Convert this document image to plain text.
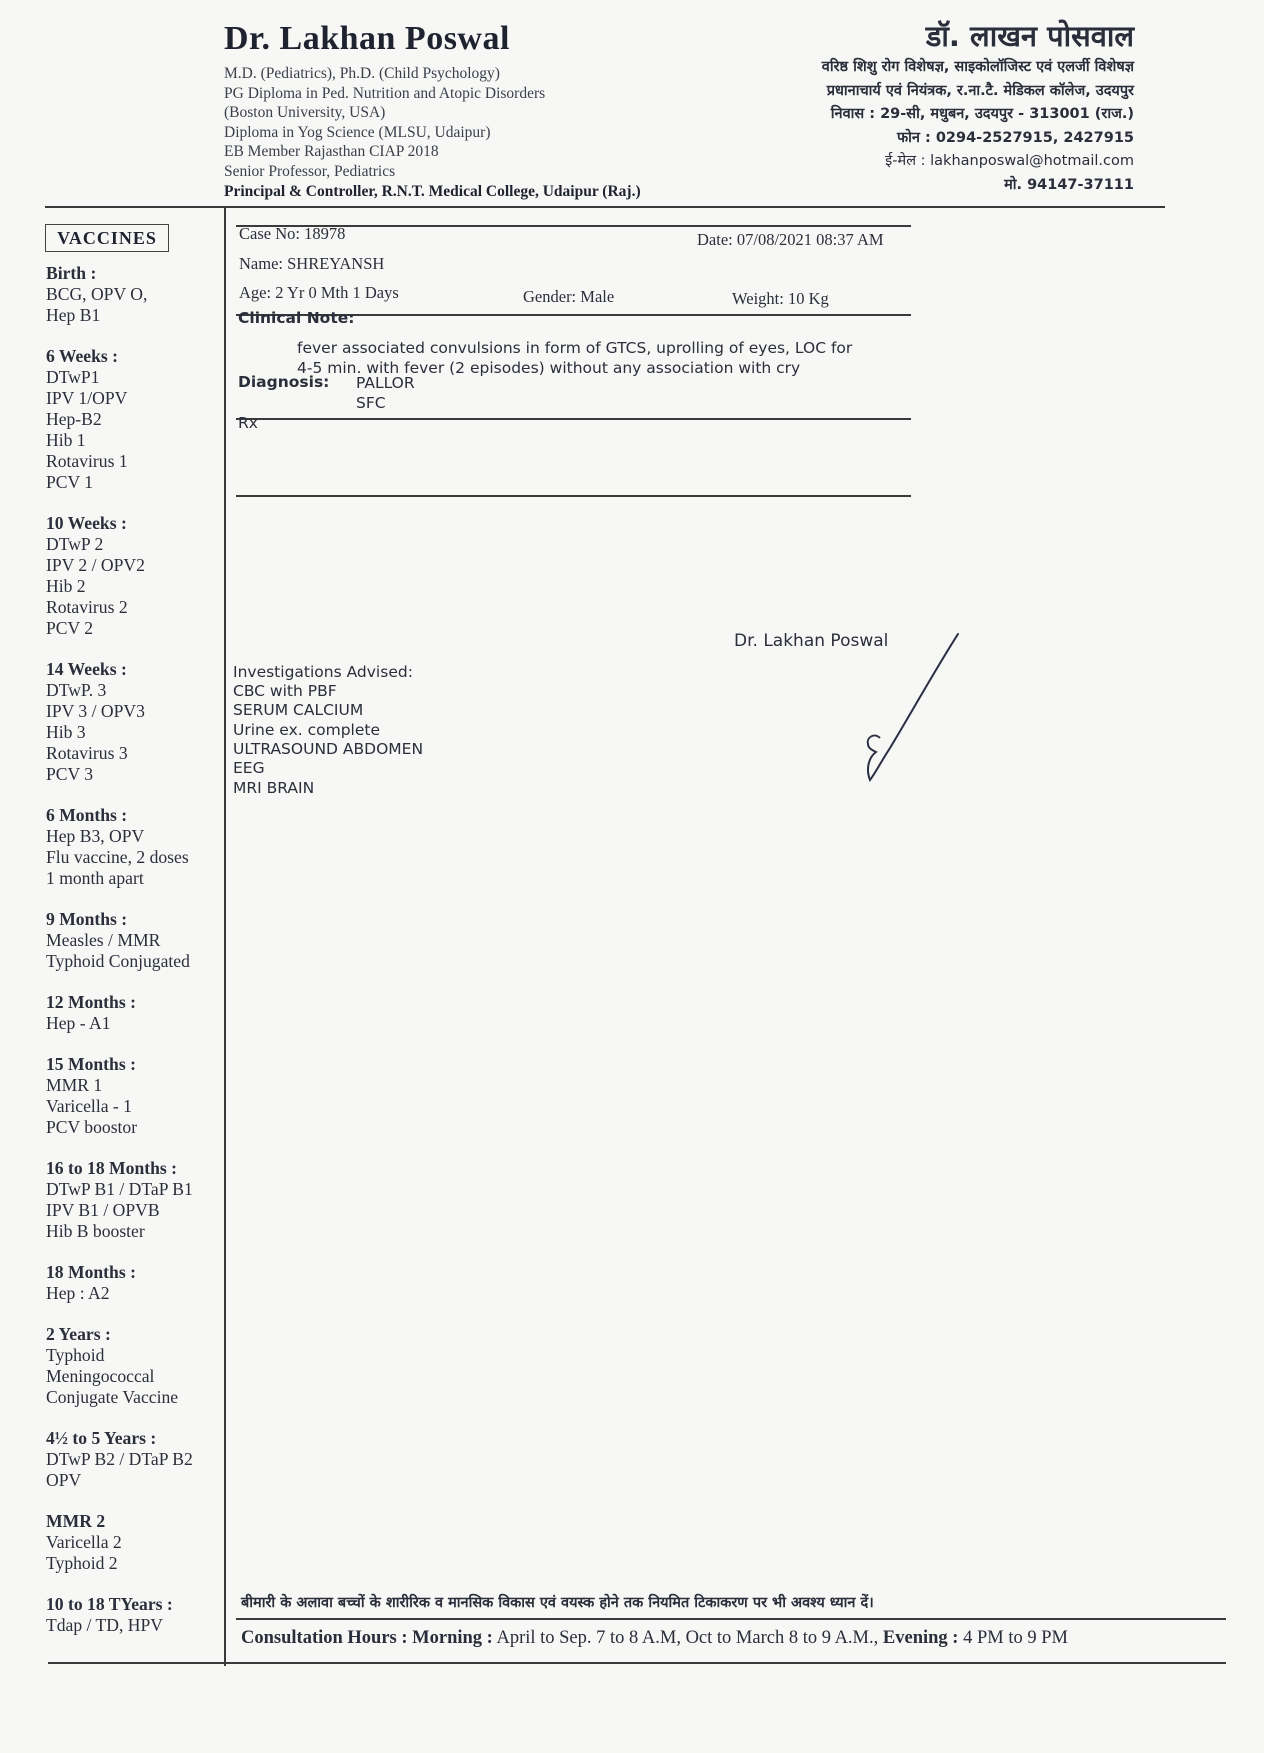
Dr. Lakhan Poswal
M.D. (Pediatrics), Ph.D. (Child Psychology)
PG Diploma in Ped. Nutrition and Atopic Disorders
(Boston University, USA)
Diploma in Yog Science (MLSU, Udaipur)
EB Member Rajasthan CIAP 2018
Senior Professor, Pediatrics
Principal & Controller, R.N.T. Medical College, Udaipur (Raj.)
डॉ. लाखन पोसवाल
वरिष्ठ शिशु रोग विशेषज्ञ, साइकोलॉजिस्ट एवं एलर्जी विशेषज्ञ
प्रधानाचार्य एवं नियंत्रक, र.ना.टै. मेडिकल कॉलेज, उदयपुर
निवास : 29-सी, मधुबन, उदयपुर - 313001 (राज.)
फोन : 0294-2527915, 2427915
ई-मेल : lakhanposwal@hotmail.com
मो. 94147-37111
VACCINES
Birth :
BCG, OPV O,
Hep B1
6 Weeks :
DTwP1
IPV 1/OPV
Hep-B2
Hib 1
Rotavirus 1
PCV 1
10 Weeks :
DTwP 2
IPV 2 / OPV2
Hib 2
Rotavirus 2
PCV 2
14 Weeks :
DTwP. 3
IPV 3 / OPV3
Hib 3
Rotavirus 3
PCV 3
6 Months :
Hep B3, OPV
Flu vaccine, 2 doses
1 month apart
9 Months :
Measles / MMR
Typhoid Conjugated
12 Months :
Hep - A1
15 Months :
MMR 1
Varicella - 1
PCV boostor
16 to 18 Months :
DTwP B1 / DTaP B1
IPV B1 / OPVB
Hib B booster
18 Months :
Hep : A2
2 Years :
Typhoid
Meningococcal
Conjugate Vaccine
4½ to 5 Years :
DTwP B2 / DTaP B2
OPV
MMR 2
Varicella 2
Typhoid 2
10 to 18 TYears :
Tdap / TD, HPV
Case No: 18978	Date: 07/08/2021 08:37 AM
Name: SHREYANSH
Age: 2 Yr 0 Mth 1 Days	Gender: Male	Weight: 10 Kg
Clinical Note:
fever associated convulsions in form of GTCS, uprolling of eyes, LOC for
4-5 min. with fever (2 episodes) without any association with cry
Diagnosis: PALLOR
SFC
Rx
Dr. Lakhan Poswal
Investigations Advised:
CBC with PBF
SERUM CALCIUM
Urine ex. complete
ULTRASOUND ABDOMEN
EEG
MRI BRAIN
बीमारी के अलावा बच्चों के शारीरिक व मानसिक विकास एवं वयस्क होने तक नियमित टिकाकरण पर भी अवश्य ध्यान दें।
Consultation Hours : Morning : April to Sep. 7 to 8 A.M, Oct to March 8 to 9 A.M., Evening : 4 PM to 9 PM
